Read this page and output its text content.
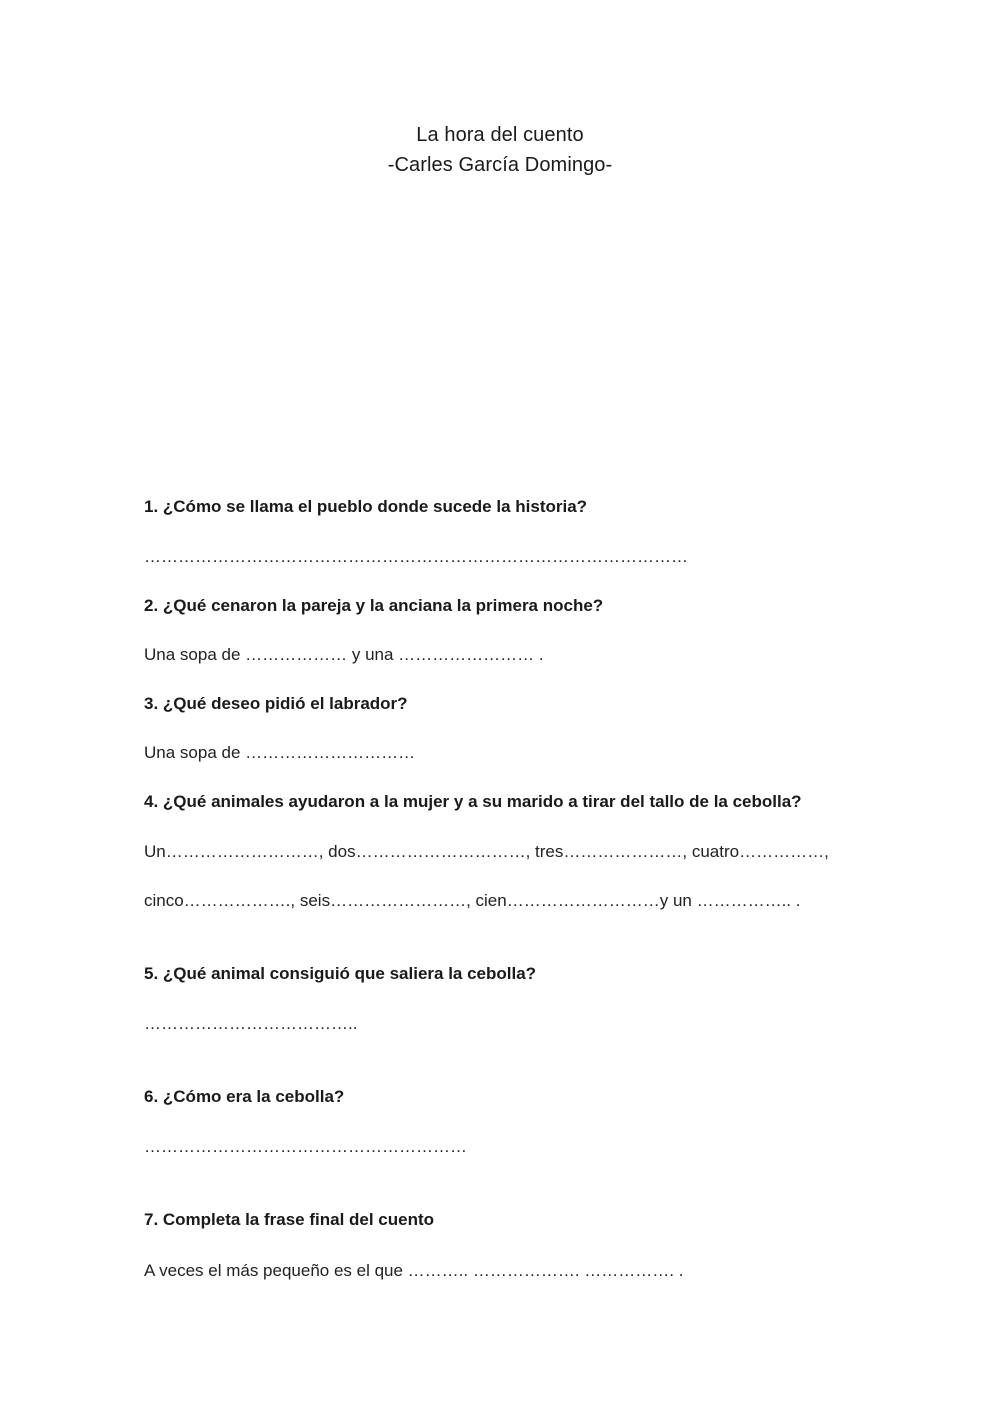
La hora del cuento
-Carles García Domingo-
1. ¿Cómo se llama el pueblo donde sucede la historia?
……………………………………………………………………………………
2. ¿Qué cenaron la pareja y la anciana la primera noche?
Una sopa de ……………… y una …………………… .
3. ¿Qué deseo pidió el labrador?
Una sopa de …………………………
4. ¿Qué animales ayudaron a la mujer y a su marido a tirar del tallo de la cebolla?
Un………………………, dos…………………………, tres…………………, cuatro……………,
cinco………………., seis……………………, cien………………………y un …………….. .
5. ¿Qué animal consiguió que saliera la cebolla?
………………………………..
6. ¿Cómo era la cebolla?
…………………………………………………
7. Completa la frase final del cuento
A veces el más pequeño es el que ……….. ………………. ……………. .
